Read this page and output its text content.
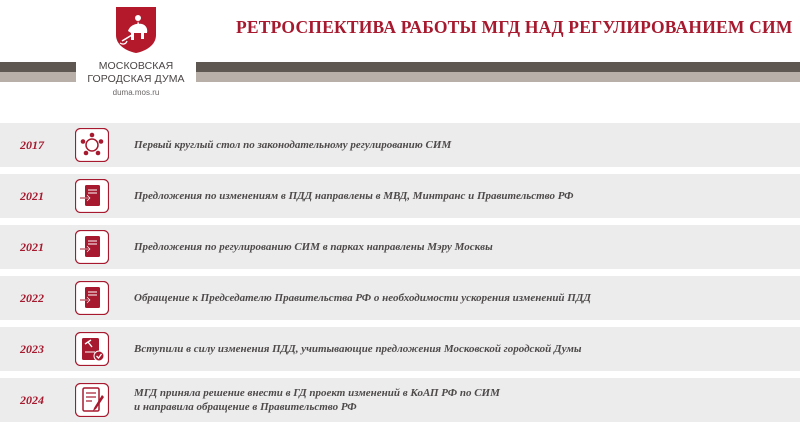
МОСКОВСКАЯ
ГОРОДСКАЯ ДУМА
duma.mos.ru
РЕТРОСПЕКТИВА РАБОТЫ МГД НАД РЕГУЛИРОВАНИЕМ СИМ
2017	Первый круглый стол по законодательному регулированию СИМ
2021	Предложения по изменениям в ПДД направлены в МВД, Минтранс и Правительство РФ
2021	Предложения по регулированию СИМ в парках направлены Мэру Москвы
2022	Обращение к Председателю Правительства РФ о необходимости ускорения изменений ПДД
2023	Вступили в силу изменения ПДД, учитывающие предложения Московской городской Думы
2024	МГД приняла решение внести в ГД проект изменений в КоАП РФ по СИМ
и направила обращение в Правительство РФ
